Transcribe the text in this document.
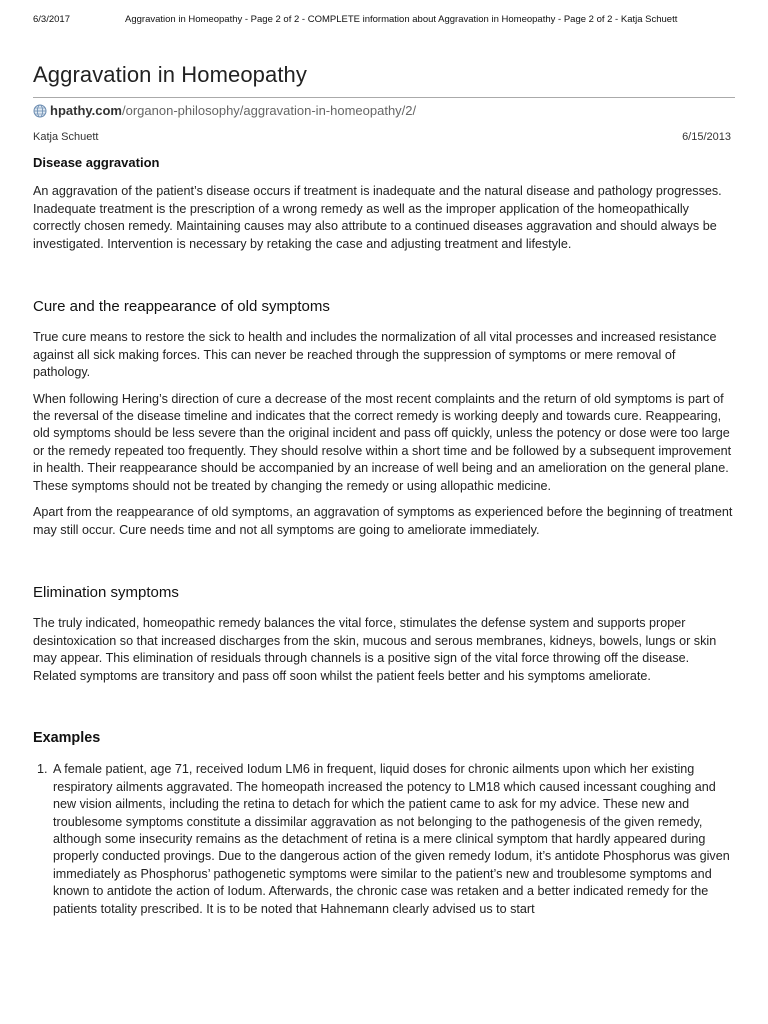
6/3/2017	Aggravation in Homeopathy - Page 2 of 2 - COMPLETE information about Aggravation in Homeopathy - Page 2 of 2 - Katja Schuett
Aggravation in Homeopathy
hpathy.com /organon-philosophy/aggravation-in-homeopathy/2/
Katja Schuett	6/15/2013
Disease aggravation

An aggravation of the patient’s disease occurs if treatment is inadequate and the natural disease and pathology progresses. Inadequate treatment is the prescription of a wrong remedy as well as the improper application of the homeopathically correctly chosen remedy. Maintaining causes may also attribute to a continued diseases aggravation and should always be investigated. Intervention is necessary by retaking the case and adjusting treatment and lifestyle.

Cure and the reappearance of old symptoms

True cure means to restore the sick to health and includes the normalization of all vital processes and increased resistance against all sick making forces. This can never be reached through the suppression of symptoms or mere removal of pathology.

When following Hering’s direction of cure a decrease of the most recent complaints and the return of old symptoms is part of the reversal of the disease timeline and indicates that the correct remedy is working deeply and towards cure. Reappearing, old symptoms should be less severe than the original incident and pass off quickly, unless the potency or dose were too large or the remedy repeated too frequently. They should resolve within a short time and be followed by a subsequent improvement in health. Their reappearance should be accompanied by an increase of well being and an amelioration on the general plane. These symptoms should not be treated by changing the remedy or using allopathic medicine.

Apart from the reappearance of old symptoms, an aggravation of symptoms as experienced before the beginning of treatment may still occur. Cure needs time and not all symptoms are going to ameliorate immediately.

Elimination symptoms

The truly indicated, homeopathic remedy balances the vital force, stimulates the defense system and supports proper desintoxication so that increased discharges from the skin, mucous and serous membranes, kidneys, bowels, lungs or skin may appear. This elimination of residuals through channels is a positive sign of the vital force throwing off the disease. Related symptoms are transitory and pass off soon whilst the patient feels better and his symptoms ameliorate.

Examples
1. A female patient, age 71, received Iodum LM6 in frequent, liquid doses for chronic ailments upon which her existing respiratory ailments aggravated. The homeopath increased the potency to LM18 which caused incessant coughing and new vision ailments, including the retina to detach for which the patient came to ask for my advice. These new and troublesome symptoms constitute a dissimilar aggravation as not belonging to the pathogenesis of the given remedy, although some insecurity remains as the detachment of retina is a mere clinical symptom that hardly appeared during properly conducted provings. Due to the dangerous action of the given remedy Iodum, it’s antidote Phosphorus was given immediately as Phosphorus’ pathogenetic symptoms were similar to the patient’s new and troublesome symptoms and known to antidote the action of Iodum. Afterwards, the chronic case was retaken and a better indicated remedy for the patients totality prescribed. It is to be noted that Hahnemann clearly advised us to start
